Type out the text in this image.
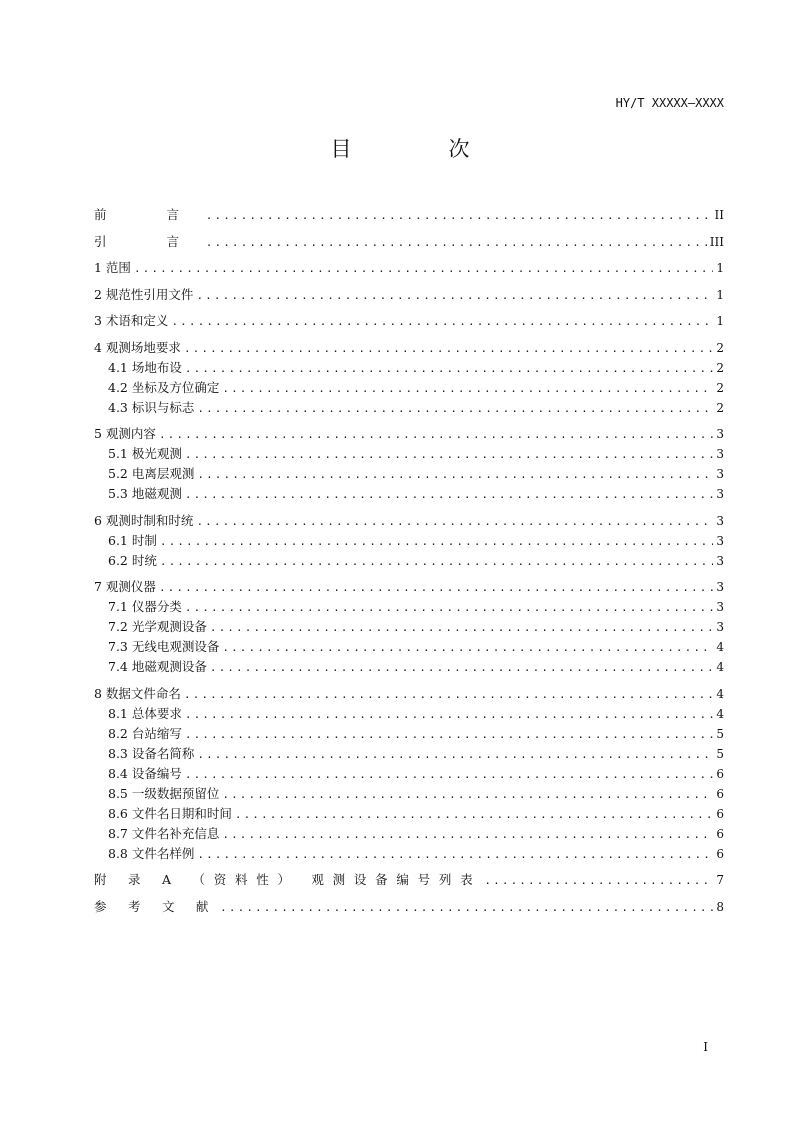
HY/T XXXXX—XXXX
目　次
前　言 .....	II
引　言 .....	III
1 范围 .....	1
2 规范性引用文件 .....	1
3 术语和定义 .....	1
4 观测场地要求 .....	2
4.1 场地布设 .....	2
4.2 坐标及方位确定 .....	2
4.3 标识与标志 .....	2
5 观测内容 .....	3
5.1 极光观测 .....	3
5.2 电离层观测 .....	3
5.3 地磁观测 .....	3
6 观测时制和时统 .....	3
6.1 时制 .....	3
6.2 时统 .....	3
7 观测仪器 .....	3
7.1 仪器分类 .....	3
7.2 光学观测设备 .....	3
7.3 无线电观测设备 .....	4
7.4 地磁观测设备 .....	4
8 数据文件命名 .....	4
8.1 总体要求 .....	4
8.2 台站缩写 .....	5
8.3 设备名简称 .....	5
8.4 设备编号 .....	6
8.5 一级数据预留位 .....	6
8.6 文件名日期和时间 .....	6
8.7 文件名补充信息 .....	6
8.8 文件名样例 .....	6
附 录 A （资料性） 观测设备编号列表 .....	7
参 考 文 献 .....	8
I
